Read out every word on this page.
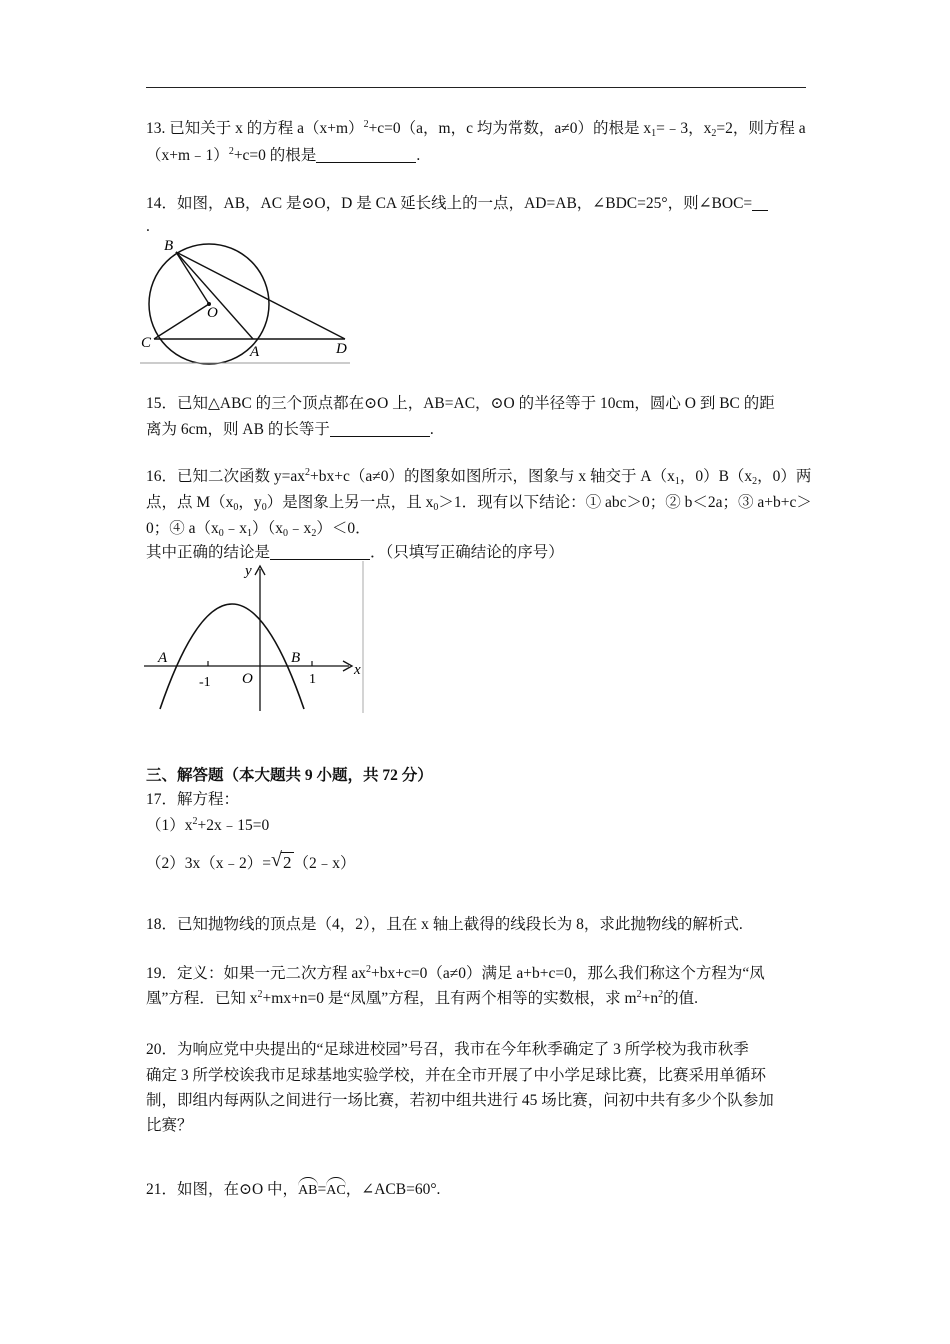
13. 已知关于 x 的方程 $a(x+m)^2+c=0(a$，m，c 均为常数，a≠0）的根是 $x_1=﹣3$，$x_2=2$，则方程 a
（x+m﹣1）$^2$+c=0 的根是	.
14．如图，AB，AC 是⊙O，D 是 CA 延长线上的一点，AD=AB，∠BDC=25°，则∠BOC=
.
B
O
C
A	D
15．已知△ABC 的三个顶点都在⊙O 上，AB=AC，⊙O 的半径等于 10cm，圆心 O 到 BC 的距
离为 6cm，则 AB 的长等于	.
16．已知二次函数 $y=ax^2+bx+c(a\ne 0)$的图象如图所示，图象与 x 轴交于 $A(x_1$，$0)B(x_2$，0）两
点，点 $M(x_0$，$y_0$）是图象上另一点，且 $x_0>1$．现有以下结论：① abc＞0；② b＜2a；③ a+b+c＞
0；④ $a(x_0﹣x_1)(x_0﹣x_2)<0$．
其中正确的结论是	．（只填写正确结论的序号）
y
x
A	B
-1 O	1
三、解答题（本大题共 9 小题，共 72 分）
17．解方程：
$(1)x^2+2x﹣15=0$
（2）3x（x﹣2）= √ 2 （2﹣x）
18．已知抛物线的顶点是（4，2），且在 x 轴上截得的线段长为 8，求此抛物线的解析式.
19．定义：如果一元二次方程 $ax^2+bx+c=0(a\ne 0)$满足 a+b+c=0，那么我们称这个方程为“凤
凰”方程．已知 $x^2+mx+n=0$ 是“凤凰”方程，且有两个相等的实数根，求 $m^2+n^2$的值.
20．为响应党中央提出的“足球进校园”号召，我市在今年秋季确定了 3 所学校为我市秋季
确定 3 所学校诶我市足球基地实验学校，并在全市开展了中小学足球比赛，比赛采用单循环
制，即组内每两队之间进行一场比赛，若初中组共进行 45 场比赛，问初中共有多少个队参加
比赛？
21．如图，在⊙O 中，AB=AC，∠ACB=60°.
